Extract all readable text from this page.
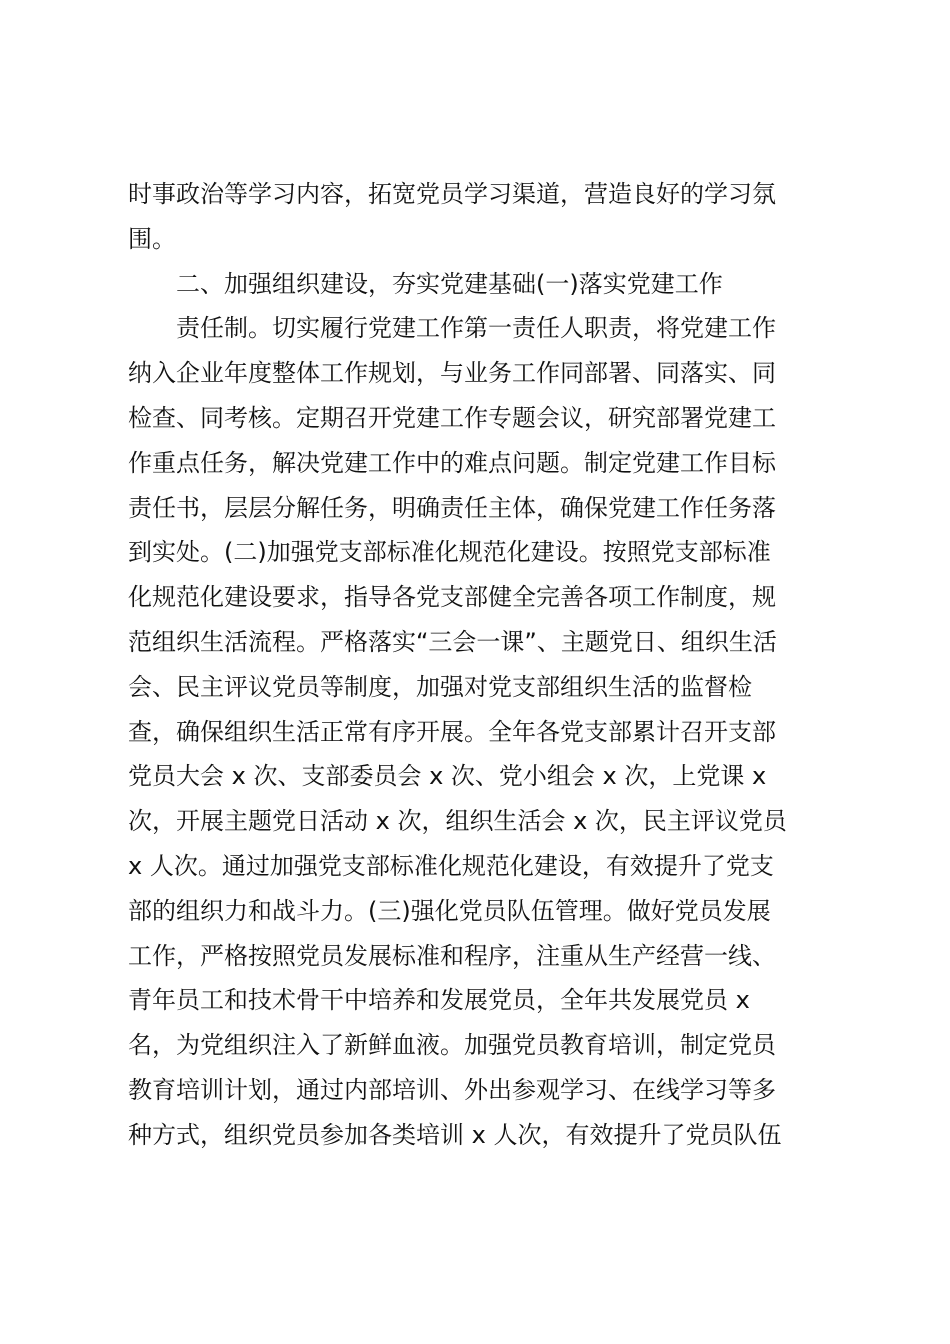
时事政治等学习内容，拓宽党员学习渠道，营造良好的学习氛
围。
二、加强组织建设，夯实党建基础(一)落实党建工作
责任制。切实履行党建工作第一责任人职责，将党建工作
纳入企业年度整体工作规划，与业务工作同部署、同落实、同
检查、同考核。定期召开党建工作专题会议，研究部署党建工
作重点任务，解决党建工作中的难点问题。制定党建工作目标
责任书，层层分解任务，明确责任主体，确保党建工作任务落
到实处。(二)加强党支部标准化规范化建设。按照党支部标准
化规范化建设要求，指导各党支部健全完善各项工作制度，规
范组织生活流程。严格落实“三会一课”、主题党日、组织生活
会、民主评议党员等制度，加强对党支部组织生活的监督检
查，确保组织生活正常有序开展。全年各党支部累计召开支部
党员大会 x 次、支部委员会 x 次、党小组会 x 次，上党课 x
次，开展主题党日活动 x 次，组织生活会 x 次，民主评议党员
x 人次。通过加强党支部标准化规范化建设，有效提升了党支
部的组织力和战斗力。(三)强化党员队伍管理。做好党员发展
工作，严格按照党员发展标准和程序，注重从生产经营一线、
青年员工和技术骨干中培养和发展党员，全年共发展党员 x
名，为党组织注入了新鲜血液。加强党员教育培训，制定党员
教育培训计划，通过内部培训、外出参观学习、在线学习等多
种方式，组织党员参加各类培训 x 人次，有效提升了党员队伍
